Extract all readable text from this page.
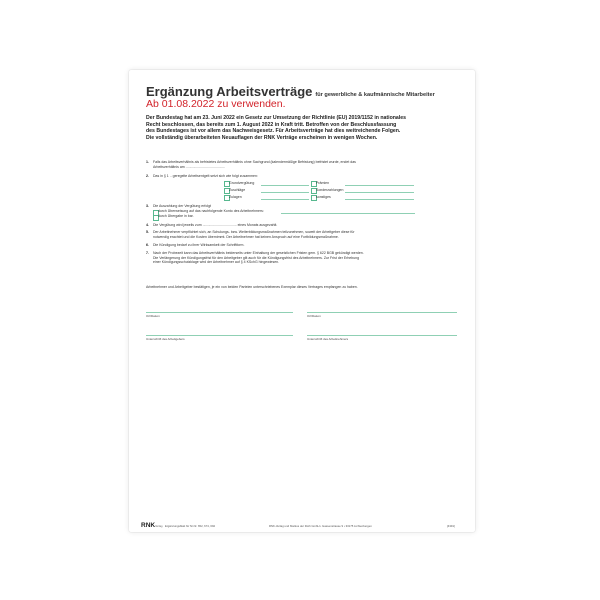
Ergänzung Arbeitsverträge für gewerbliche & kaufmännische Mitarbeiter
Ab 01.08.2022 zu verwenden.
Der Bundestag hat am 23. Juni 2022 ein Gesetz zur Umsetzung der Richtlinie (EU) 2019/1152 in nationales
Recht beschlossen, das bereits zum 1. August 2022 in Kraft tritt. Betroffen von der Beschlussfassung
des Bundestages ist vor allem das Nachweisgesetz. Für Arbeitsverträge hat dies weitreichende Folgen.
Die vollständig überarbeiteten Neuauflagen der RNK Verträge erscheinen in wenigen Wochen.
1. Falls das Arbeitsverhältnis als befristetes Arbeitsverhältnis ohne Sachgrund (kalendermäßige Befristung) befristet wurde, endet das
Arbeitsverhältnis am ........................................
2. Das in § 1 .. geregelte Arbeitsentgelt setzt sich wie folgt zusammen:
Grundvergütung	Prämien
Zuschläge	Sonderzahlungen
Zulagen	sonstiges
3. Die Auszahlung der Vergütung erfolgt
durch Überweisung auf das nachfolgende Konto des Arbeitnehmers:
durch Übergabe in bar.
4. Die Vergütung wird jeweils zum ................................... eines Monats ausgezahlt.
5. Der Arbeitnehmer verpflichtet sich, an Schulungs- bzw. Weiterbildungsmaßnahmen teilzunehmen, soweit der Arbeitgeber diese für
notwendig erachtet und die Kosten übernimmt. Der Arbeitnehmer hat keinen Anspruch auf eine Fortbildungsmaßnahme.
6. Die Kündigung bedarf zu ihrer Wirksamkeit der Schriftform.
7. Nach der Probezeit kann das Arbeitsverhältnis beiderseits unter Einhaltung der gesetzlichen Fristen gem. § 622 BGB gekündigt werden.
Die Verlängerung der Kündigungsfrist für den Arbeitgeber gilt auch für die Kündigungsfrist des Arbeitnehmers. Zur Frist der Erhebung
einer Kündigungsschutzklage wird der Arbeitnehmer auf § 4 KSchG hingewiesen.
Arbeitnehmer und Arbeitgeber bestätigen, je ein von beiden Parteien unterschriebenes Exemplar dieses Vertrages empfangen zu haben.
Ort/Datum	Ort/Datum
Unterschrift des Arbeitgebers	Unterschrift des Arbeitnehmers
RNKVerlag Ergänzungsblatt für Nr.Nr. 652, 674, 692	RNK-Verlag und Markus der Roth GmbH • Gassenstrasse 9 • 33175 Lichtenbergen	[4391]
